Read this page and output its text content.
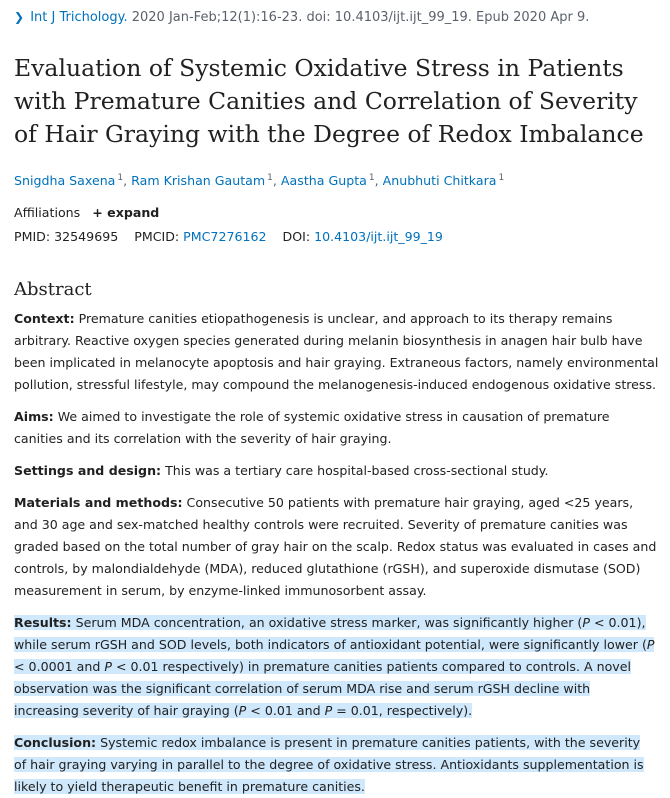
❯ Int J Trichology. 2020 Jan-Feb;12(1):16-23. doi: 10.4103/ijt.ijt_99_19. Epub 2020 Apr 9.
Evaluation of Systemic Oxidative Stress in Patients with Premature Canities and Correlation of Severity of Hair Graying with the Degree of Redox Imbalance
Snigdha Saxena $^1$, Ram Krishan Gautam $^1$, Aastha Gupta $^1$, Anubhuti Chitkara $^1$
Affiliations + expand
PMID: 32549695 PMCID: PMC7276162 DOI: 10.4103/ijt.ijt_99_19
Abstract

Context: Premature canities etiopathogenesis is unclear, and approach to its therapy remains arbitrary. Reactive oxygen species generated during melanin biosynthesis in anagen hair bulb have been implicated in melanocyte apoptosis and hair graying. Extraneous factors, namely environmental pollution, stressful lifestyle, may compound the melanogenesis-induced endogenous oxidative stress.

Aims: We aimed to investigate the role of systemic oxidative stress in causation of premature canities and its correlation with the severity of hair graying.

Settings and design: This was a tertiary care hospital-based cross-sectional study.

Materials and methods: Consecutive 50 patients with premature hair graying, aged <25 years, and 30 age and sex-matched healthy controls were recruited. Severity of premature canities was graded based on the total number of gray hair on the scalp. Redox status was evaluated in cases and controls, by malondialdehyde (MDA), reduced glutathione (rGSH), and superoxide dismutase (SOD) measurement in serum, by enzyme-linked immunosorbent assay.

Results: Serum MDA concentration, an oxidative stress marker, was significantly higher (P < 0.01), while serum rGSH and SOD levels, both indicators of antioxidant potential, were significantly lower (P < 0.0001 and P < 0.01 respectively) in premature canities patients compared to controls. A novel observation was the significant correlation of serum MDA rise and serum rGSH decline with increasing severity of hair graying (P < 0.01 and P = 0.01, respectively).

Conclusion: Systemic redox imbalance is present in premature canities patients, with the severity of hair graying varying in parallel to the degree of oxidative stress. Antioxidants supplementation is likely to yield therapeutic benefit in premature canities.
